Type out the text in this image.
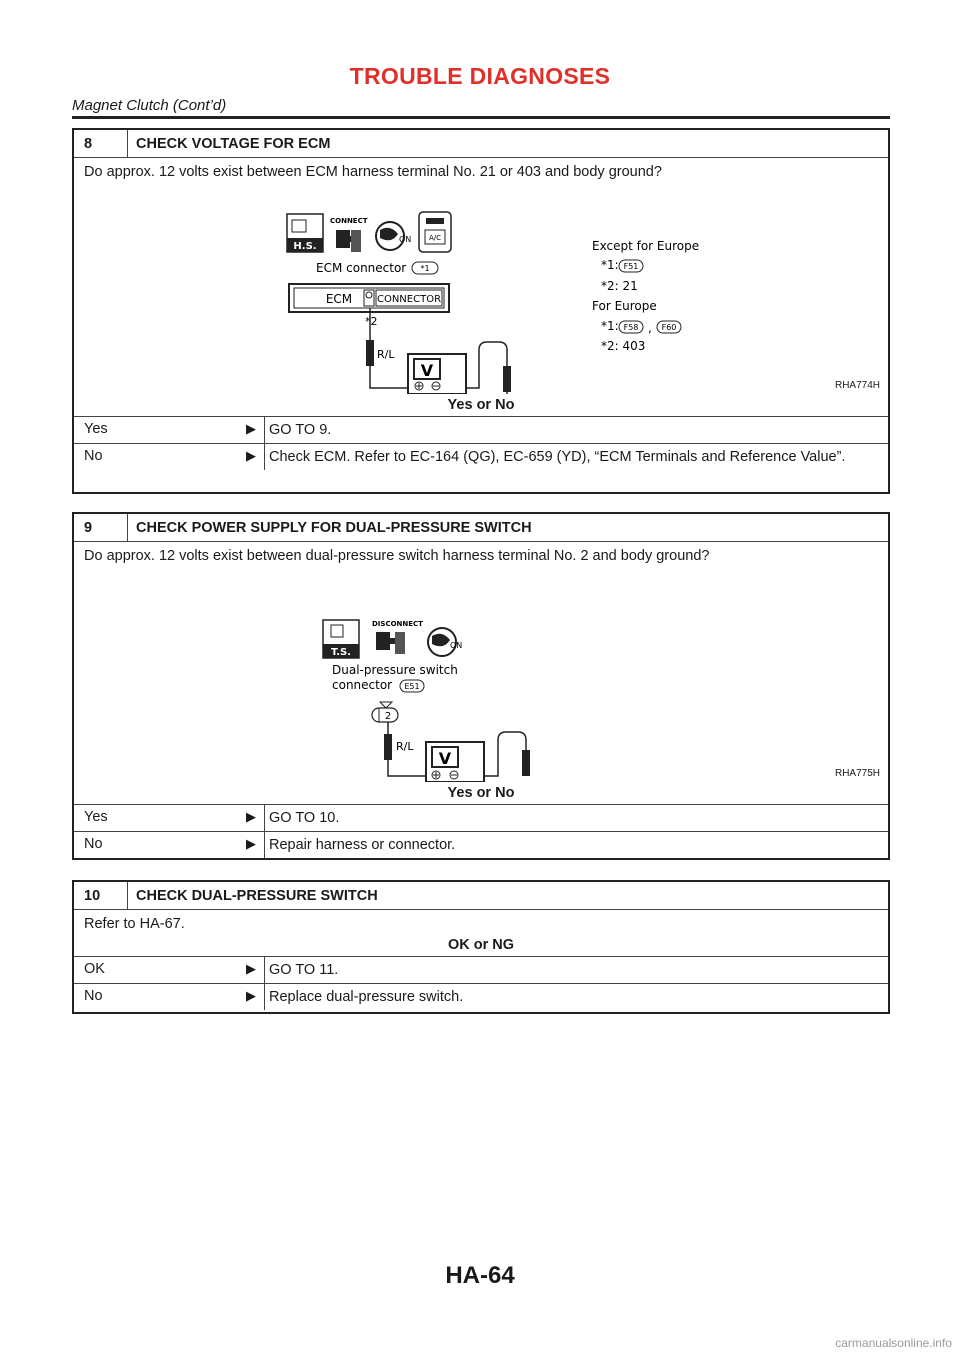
TROUBLE DIAGNOSES
Magnet Clutch (Cont’d)
8	CHECK VOLTAGE FOR ECM
Do approx. 12 volts exist between ECM harness terminal No. 21 or 403 and body ground?
H.S.
CONNECT
ON	A/C
ECM connector *1
ECM CONNECTOR
*2
R/L
V
Except for Europe
*1: F51
*2: 21
For Europe
*1: F58 , F60
*2: 403
RHA774H
Yes or No
Yes	▶ GO TO 9.
No	▶ Check ECM. Refer to EC-164 (QG), EC-659 (YD), “ECM Terminals and Reference Value”.
9	CHECK POWER SUPPLY FOR DUAL-PRESSURE SWITCH
Do approx. 12 volts exist between dual-pressure switch harness terminal No. 2 and body ground?
T.S.
DISCONNECT
ON
Dual-pressure switch
connector E51
2
R/L
V
RHA775H
Yes or No
Yes	▶ GO TO 10.
No	▶ Repair harness or connector.
10	CHECK DUAL-PRESSURE SWITCH
Refer to HA-67.
OK or NG
OK	▶ GO TO 11.
No	▶ Replace dual-pressure switch.
HA-64
carmanualsonline.info
